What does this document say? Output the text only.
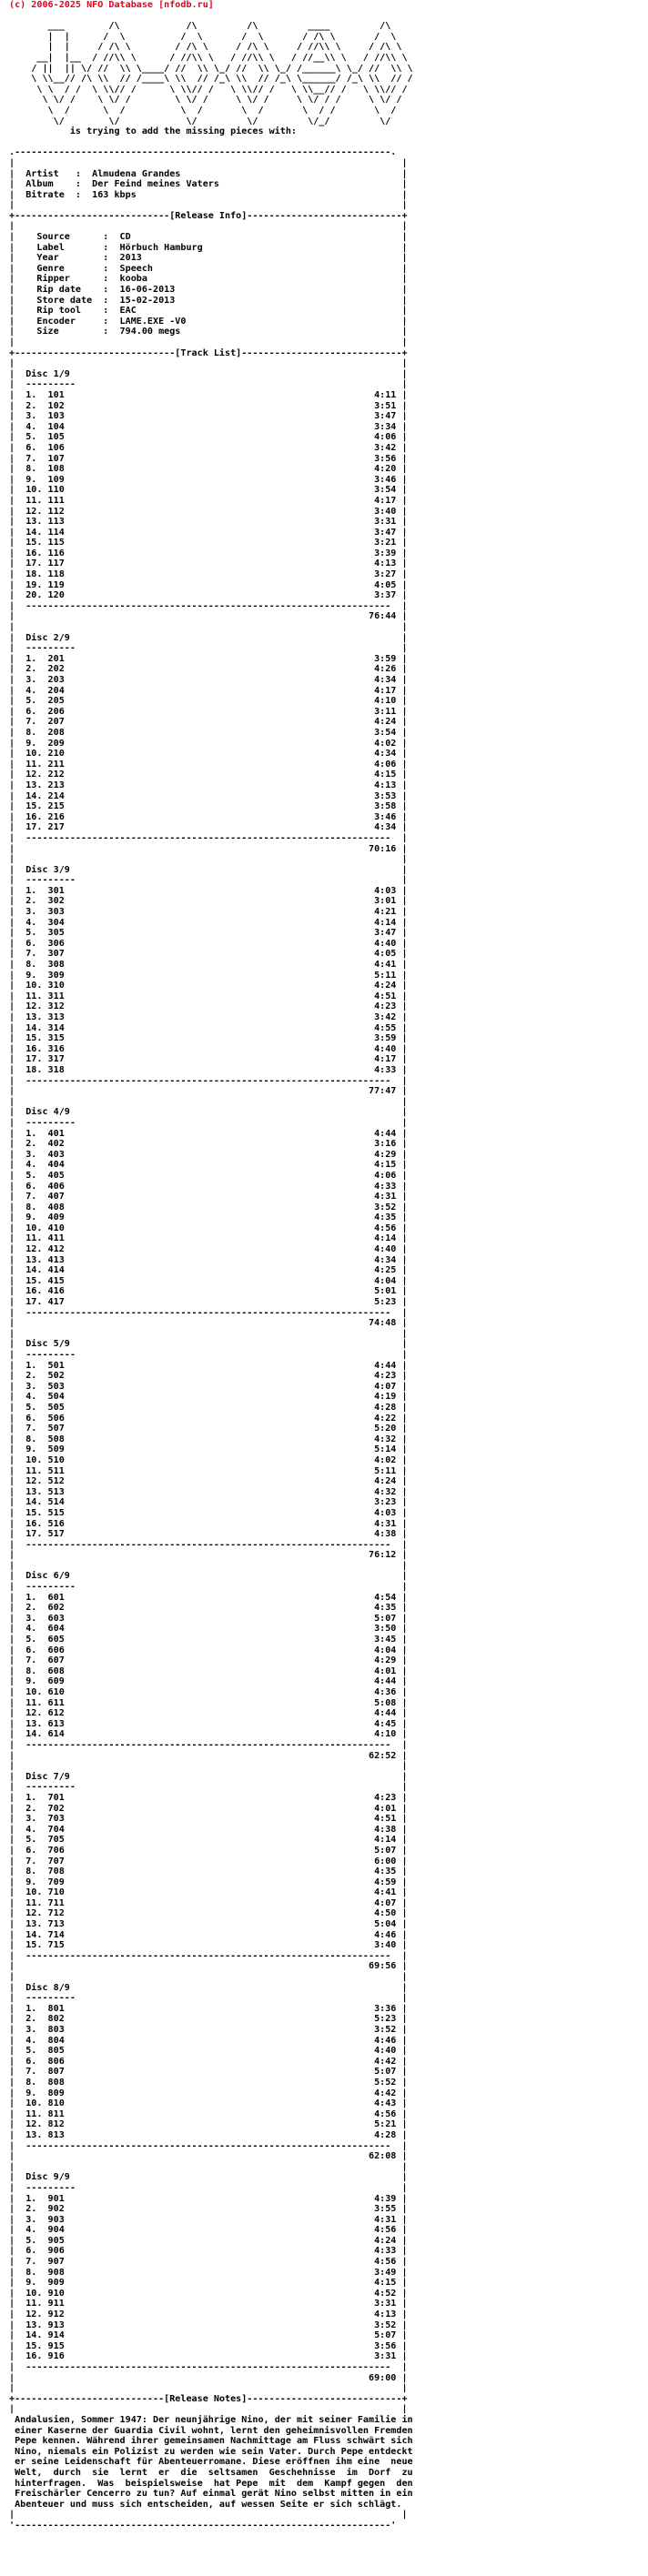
(c) 2006-2025 NFO Database [nfodb.ru]

___        /\            /\         /\         ____         /\
|  |      /  \          /  \       /  \       / /\ \       /  \
|  |     / /\ \        / /\ \     / /\ \     / //\\ \     / /\ \
__|  |__  / //\\ \      / //\\ \   / //\\ \   / //__\\ \   / //\\ \
/ ||  || \/ //  \\ \____/ //  \\ \_/ //  \\ \_/ /______\ \_/ //  \\ \
\ \\__// /\ \\  // /____\ \\  // /_\ \\  // /_\ \______/ /_\ \\  // /
\ \  / /  \ \\// /      \ \\// /   \ \\// /   \ \\__// /   \ \\// /
\ \/ /    \ \/ /        \ \/ /     \ \/ /     \ \/ / /     \ \/ /
\  /      \  /          \  /       \  /       \  / /       \  /
\/        \/            \/         \/         \/_/         \/
is trying to add the missing pieces with:

.--------------------------------------------------------------------.
|                                                                      |
|  Artist   :  Almudena Grandes                                        |
|  Album    :  Der Feind meines Vaters                                 |
|  Bitrate  :  163 kbps                                                |
|                                                                      |
+----------------------------[Release Info]----------------------------+
|                                                                      |
|    Source      :  CD                                                 |
|    Label       :  Hörbuch Hamburg                                    |
|    Year        :  2013                                               |
|    Genre       :  Speech                                             |
|    Ripper      :  kooba                                              |
|    Rip date    :  16-06-2013                                         |
|    Store date  :  15-02-2013                                         |
|    Rip tool    :  EAC                                                |
|    Encoder     :  LAME.EXE -V0                                       |
|    Size        :  794.00 megs                                        |
|                                                                      |
+-----------------------------[Track List]-----------------------------+
|                                                                      |
|  Disc 1/9                                                            |
|  ---------                                                           |
|  1.  101                                                        4:11 |
|  2.  102                                                        3:51 |
|  3.  103                                                        3:47 |
|  4.  104                                                        3:34 |
|  5.  105                                                        4:06 |
|  6.  106                                                        3:42 |
|  7.  107                                                        3:56 |
|  8.  108                                                        4:20 |
|  9.  109                                                        3:46 |
|  10. 110                                                        3:54 |
|  11. 111                                                        4:17 |
|  12. 112                                                        3:40 |
|  13. 113                                                        3:31 |
|  14. 114                                                        3:47 |
|  15. 115                                                        3:21 |
|  16. 116                                                        3:39 |
|  17. 117                                                        4:13 |
|  18. 118                                                        3:27 |
|  19. 119                                                        4:05 |
|  20. 120                                                        3:37 |
|  ------------------------------------------------------------------  |
|                                                                76:44 |
|                                                                      |
|  Disc 2/9                                                            |
|  ---------                                                           |
|  1.  201                                                        3:59 |
|  2.  202                                                        4:26 |
|  3.  203                                                        4:34 |
|  4.  204                                                        4:17 |
|  5.  205                                                        4:10 |
|  6.  206                                                        3:11 |
|  7.  207                                                        4:24 |
|  8.  208                                                        3:54 |
|  9.  209                                                        4:02 |
|  10. 210                                                        4:34 |
|  11. 211                                                        4:06 |
|  12. 212                                                        4:15 |
|  13. 213                                                        4:13 |
|  14. 214                                                        3:53 |
|  15. 215                                                        3:58 |
|  16. 216                                                        3:46 |
|  17. 217                                                        4:34 |
|  ------------------------------------------------------------------  |
|                                                                70:16 |
|                                                                      |
|  Disc 3/9                                                            |
|  ---------                                                           |
|  1.  301                                                        4:03 |
|  2.  302                                                        3:01 |
|  3.  303                                                        4:21 |
|  4.  304                                                        4:14 |
|  5.  305                                                        3:47 |
|  6.  306                                                        4:40 |
|  7.  307                                                        4:05 |
|  8.  308                                                        4:41 |
|  9.  309                                                        5:11 |
|  10. 310                                                        4:24 |
|  11. 311                                                        4:51 |
|  12. 312                                                        4:23 |
|  13. 313                                                        3:42 |
|  14. 314                                                        4:55 |
|  15. 315                                                        3:59 |
|  16. 316                                                        4:40 |
|  17. 317                                                        4:17 |
|  18. 318                                                        4:33 |
|  ------------------------------------------------------------------  |
|                                                                77:47 |
|                                                                      |
|  Disc 4/9                                                            |
|  ---------                                                           |
|  1.  401                                                        4:44 |
|  2.  402                                                        3:16 |
|  3.  403                                                        4:29 |
|  4.  404                                                        4:15 |
|  5.  405                                                        4:06 |
|  6.  406                                                        4:33 |
|  7.  407                                                        4:31 |
|  8.  408                                                        3:52 |
|  9.  409                                                        4:35 |
|  10. 410                                                        4:56 |
|  11. 411                                                        4:14 |
|  12. 412                                                        4:40 |
|  13. 413                                                        4:34 |
|  14. 414                                                        4:25 |
|  15. 415                                                        4:04 |
|  16. 416                                                        5:01 |
|  17. 417                                                        5:23 |
|  ------------------------------------------------------------------  |
|                                                                74:48 |
|                                                                      |
|  Disc 5/9                                                            |
|  ---------                                                           |
|  1.  501                                                        4:44 |
|  2.  502                                                        4:23 |
|  3.  503                                                        4:07 |
|  4.  504                                                        4:19 |
|  5.  505                                                        4:28 |
|  6.  506                                                        4:22 |
|  7.  507                                                        5:20 |
|  8.  508                                                        4:32 |
|  9.  509                                                        5:14 |
|  10. 510                                                        4:02 |
|  11. 511                                                        5:11 |
|  12. 512                                                        4:24 |
|  13. 513                                                        4:32 |
|  14. 514                                                        3:23 |
|  15. 515                                                        4:03 |
|  16. 516                                                        4:31 |
|  17. 517                                                        4:38 |
|  ------------------------------------------------------------------  |
|                                                                76:12 |
|                                                                      |
|  Disc 6/9                                                            |
|  ---------                                                           |
|  1.  601                                                        4:54 |
|  2.  602                                                        4:35 |
|  3.  603                                                        5:07 |
|  4.  604                                                        3:50 |
|  5.  605                                                        3:45 |
|  6.  606                                                        4:04 |
|  7.  607                                                        4:29 |
|  8.  608                                                        4:01 |
|  9.  609                                                        4:44 |
|  10. 610                                                        4:36 |
|  11. 611                                                        5:08 |
|  12. 612                                                        4:44 |
|  13. 613                                                        4:45 |
|  14. 614                                                        4:10 |
|  ------------------------------------------------------------------  |
|                                                                62:52 |
|                                                                      |
|  Disc 7/9                                                            |
|  ---------                                                           |
|  1.  701                                                        4:23 |
|  2.  702                                                        4:01 |
|  3.  703                                                        4:51 |
|  4.  704                                                        4:38 |
|  5.  705                                                        4:14 |
|  6.  706                                                        5:07 |
|  7.  707                                                        6:00 |
|  8.  708                                                        4:35 |
|  9.  709                                                        4:59 |
|  10. 710                                                        4:41 |
|  11. 711                                                        4:07 |
|  12. 712                                                        4:50 |
|  13. 713                                                        5:04 |
|  14. 714                                                        4:46 |
|  15. 715                                                        3:40 |
|  ------------------------------------------------------------------  |
|                                                                69:56 |
|                                                                      |
|  Disc 8/9                                                            |
|  ---------                                                           |
|  1.  801                                                        3:36 |
|  2.  802                                                        5:23 |
|  3.  803                                                        3:52 |
|  4.  804                                                        4:46 |
|  5.  805                                                        4:40 |
|  6.  806                                                        4:42 |
|  7.  807                                                        5:07 |
|  8.  808                                                        5:52 |
|  9.  809                                                        4:42 |
|  10. 810                                                        4:43 |
|  11. 811                                                        4:56 |
|  12. 812                                                        5:21 |
|  13. 813                                                        4:28 |
|  ------------------------------------------------------------------  |
|                                                                62:08 |
|                                                                      |
|  Disc 9/9                                                            |
|  ---------                                                           |
|  1.  901                                                        4:39 |
|  2.  902                                                        3:55 |
|  3.  903                                                        4:31 |
|  4.  904                                                        4:56 |
|  5.  905                                                        4:24 |
|  6.  906                                                        4:33 |
|  7.  907                                                        4:56 |
|  8.  908                                                        3:49 |
|  9.  909                                                        4:15 |
|  10. 910                                                        4:52 |
|  11. 911                                                        3:31 |
|  12. 912                                                        4:13 |
|  13. 913                                                        3:52 |
|  14. 914                                                        5:07 |
|  15. 915                                                        3:56 |
|  16. 916                                                        3:31 |
|  ------------------------------------------------------------------  |
|                                                                69:00 |
|                                                                      |
+---------------------------[Release Notes]----------------------------+
|                                                                      |
Andalusien, Sommer 1947: Der neunjährige Nino, der mit seiner Familie in
einer Kaserne der Guardia Civil wohnt, lernt den geheimnisvollen Fremden
Pepe kennen. Während ihrer gemeinsamen Nachmittage am Fluss schwärt sich
Nino, niemals ein Polizist zu werden wie sein Vater. Durch Pepe entdeckt
er seine Leidenschaft für Abenteuerromane. Diese eröffnen ihm eine  neue
Welt,  durch  sie  lernt  er  die  seltsamen  Geschehnisse  im  Dorf  zu
hinterfragen.  Was  beispielsweise  hat Pepe  mit  dem  Kampf gegen  den
Freischärler Cencerro zu tun? Auf einmal gerät Nino selbst mitten in ein
Abenteuer und muss sich entscheiden, auf wessen Seite er sich schlägt.
|                                                                      |
'--------------------------------------------------------------------'
